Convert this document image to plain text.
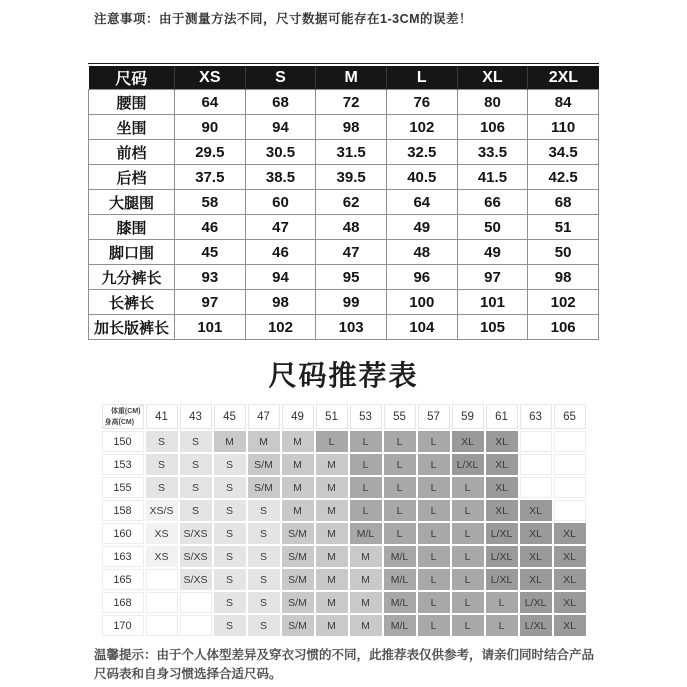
注意事项：由于测量方法不同，尺寸数据可能存在1-3CM的误差！

尺码	XS	S	M	L	XL	2XL
腰围	64	68	72	76	80	84
坐围	90	94	98	102	106	110
前档	29.5	30.5	31.5	32.5	33.5	34.5
后档	37.5	38.5	39.5	40.5	41.5	42.5
大腿围	58	60	62	64	66	68
膝围	46	47	48	49	50	51
脚口围	45	46	47	48	49	50
九分裤长	93	94	95	96	97	98
长裤长	97	98	99	100	101	102
加长版裤长	101	102	103	104	105	106
尺码推荐表
体重(CM)
身高(CM)	41	43	45	47	49	51	53	55	57	59	61	63	65
150	S	S	M	M	M	L	L	L	L	XL	XL		
153	S	S	S	S/M	M	M	L	L	L	L/XL	XL		
155	S	S	S	S/M	M	M	L	L	L	L	XL		
158	XS/S	S	S	S	M	M	L	L	L	L	XL	XL	
160	XS	S/XS	S	S	S/M	M	M/L	L	L	L	L/XL	XL	XL
163	XS	S/XS	S	S	S/M	M	M	M/L	L	L	L/XL	XL	XL
165		S/XS	S	S	S/M	M	M	M/L	L	L	L/XL	XL	XL
168			S	S	S/M	M	M	M/L	L	L	L	L/XL	XL
170			S	S	S/M	M	M	M/L	L	L	L	L/XL	XL

温馨提示：由于个人体型差异及穿衣习惯的不同，此推荐表仅供参考，请亲们同时结合产品尺码表和自身习惯选择合适尺码。
